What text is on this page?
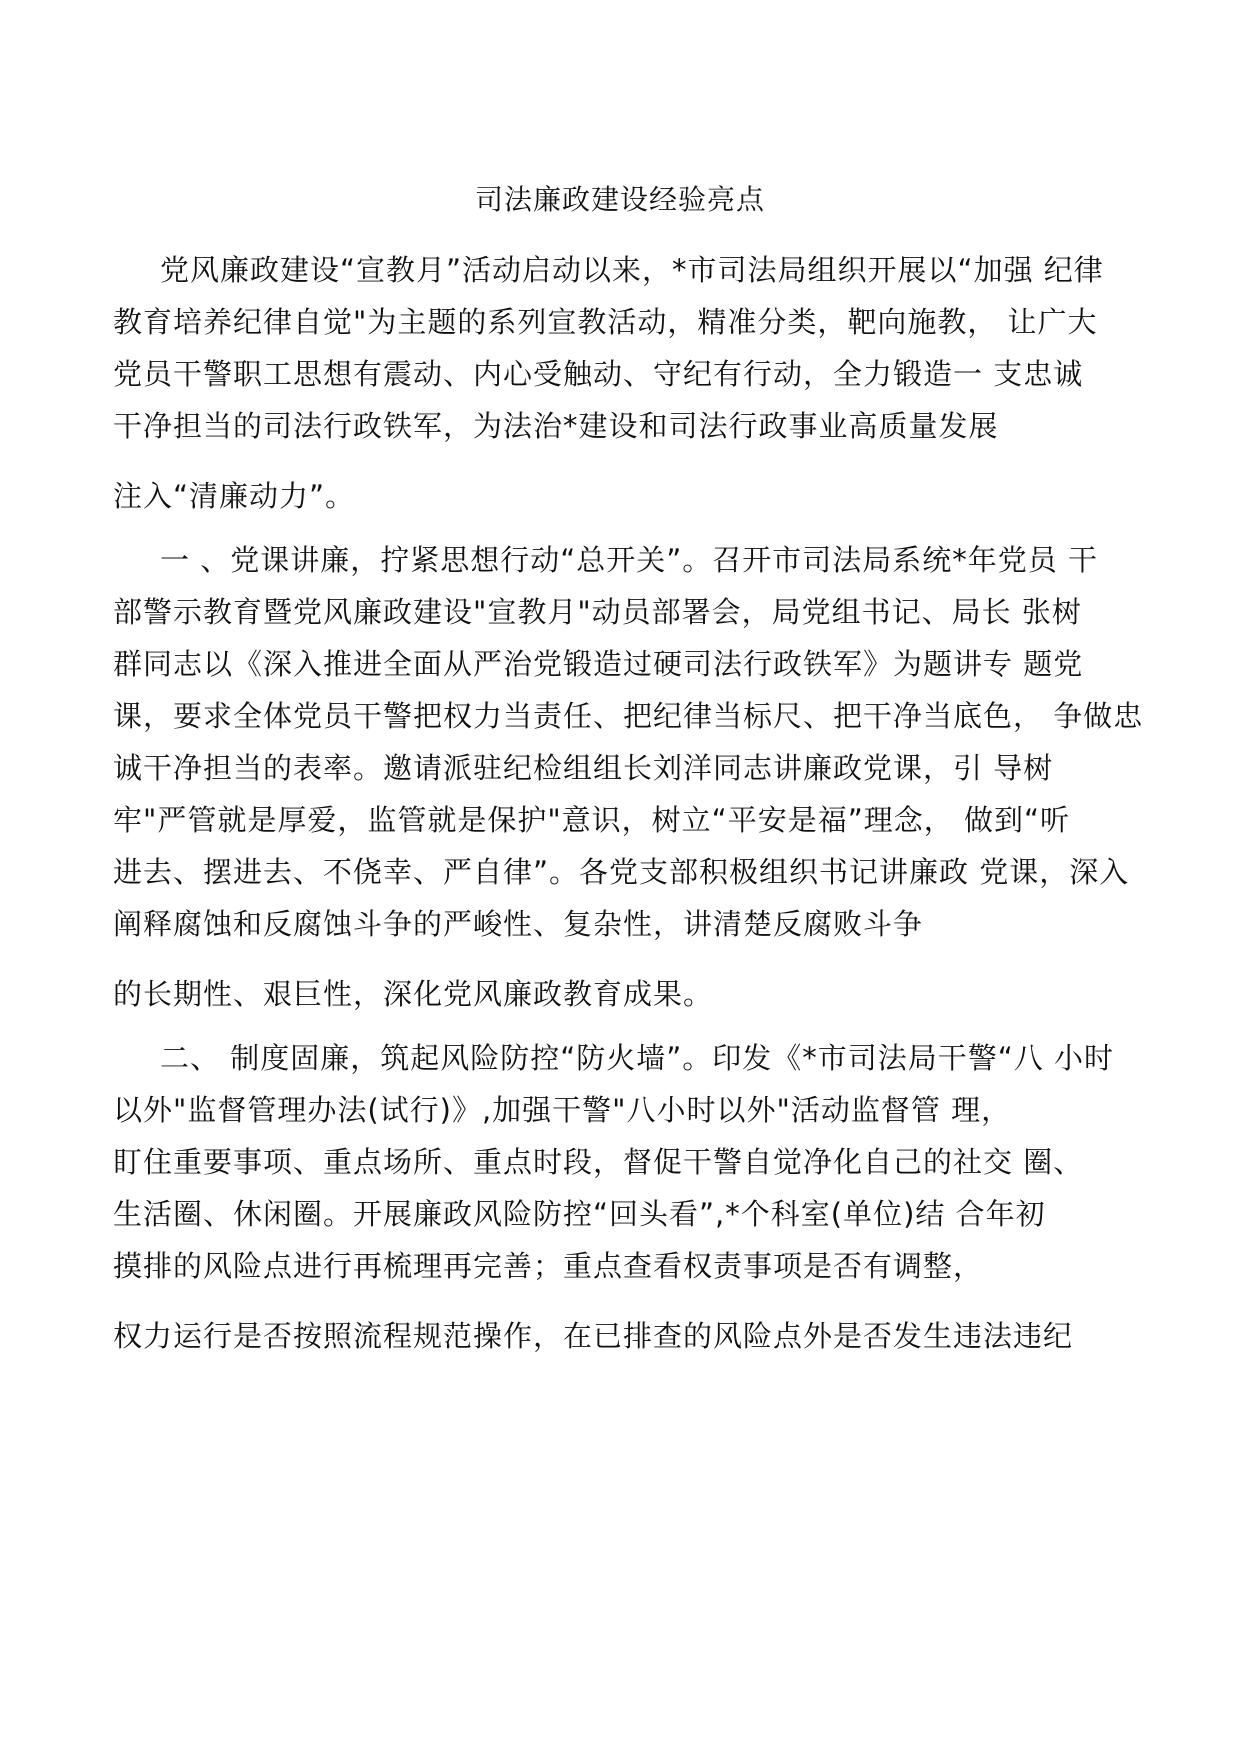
司法廉政建设经验亮点
党风廉政建设“宣教月”活动启动以来，*市司法局组织开展以“加强 纪律
教育培养纪律自觉"为主题的系列宣教活动，精准分类，靶向施教， 让广大
党员干警职工思想有震动、内心受触动、守纪有行动，全力锻造一 支忠诚
干净担当的司法行政铁军，为法治*建设和司法行政事业高质量发展
注入“清廉动力”。
一 、党课讲廉，拧紧思想行动“总开关”。召开市司法局系统*年党员 干
部警示教育暨党风廉政建设"宣教月"动员部署会，局党组书记、局长 张树
群同志以《深入推进全面从严治党锻造过硬司法行政铁军》为题讲专 题党
课，要求全体党员干警把权力当责任、把纪律当标尺、把干净当底色， 争做忠
诚干净担当的表率。邀请派驻纪检组组长刘洋同志讲廉政党课，引 导树
牢"严管就是厚爱，监管就是保护"意识，树立“平安是福”理念， 做到“听
进去、摆进去、不侥幸、严自律”。各党支部积极组织书记讲廉政 党课，深入
阐释腐蚀和反腐蚀斗争的严峻性、复杂性，讲清楚反腐败斗争
的长期性、艰巨性，深化党风廉政教育成果。
二、 制度固廉，筑起风险防控“防火墙”。印发《*市司法局干警“八 小时
以外"监督管理办法(试行)》,加强干警"八小时以外"活动监督管 理，
盯住重要事项、重点场所、重点时段，督促干警自觉净化自己的社交 圈、
生活圈、休闲圈。开展廉政风险防控“回头看”,*个科室(单位)结 合年初
摸排的风险点进行再梳理再完善；重点查看权责事项是否有调整，
权力运行是否按照流程规范操作，在已排查的风险点外是否发生违法违纪
